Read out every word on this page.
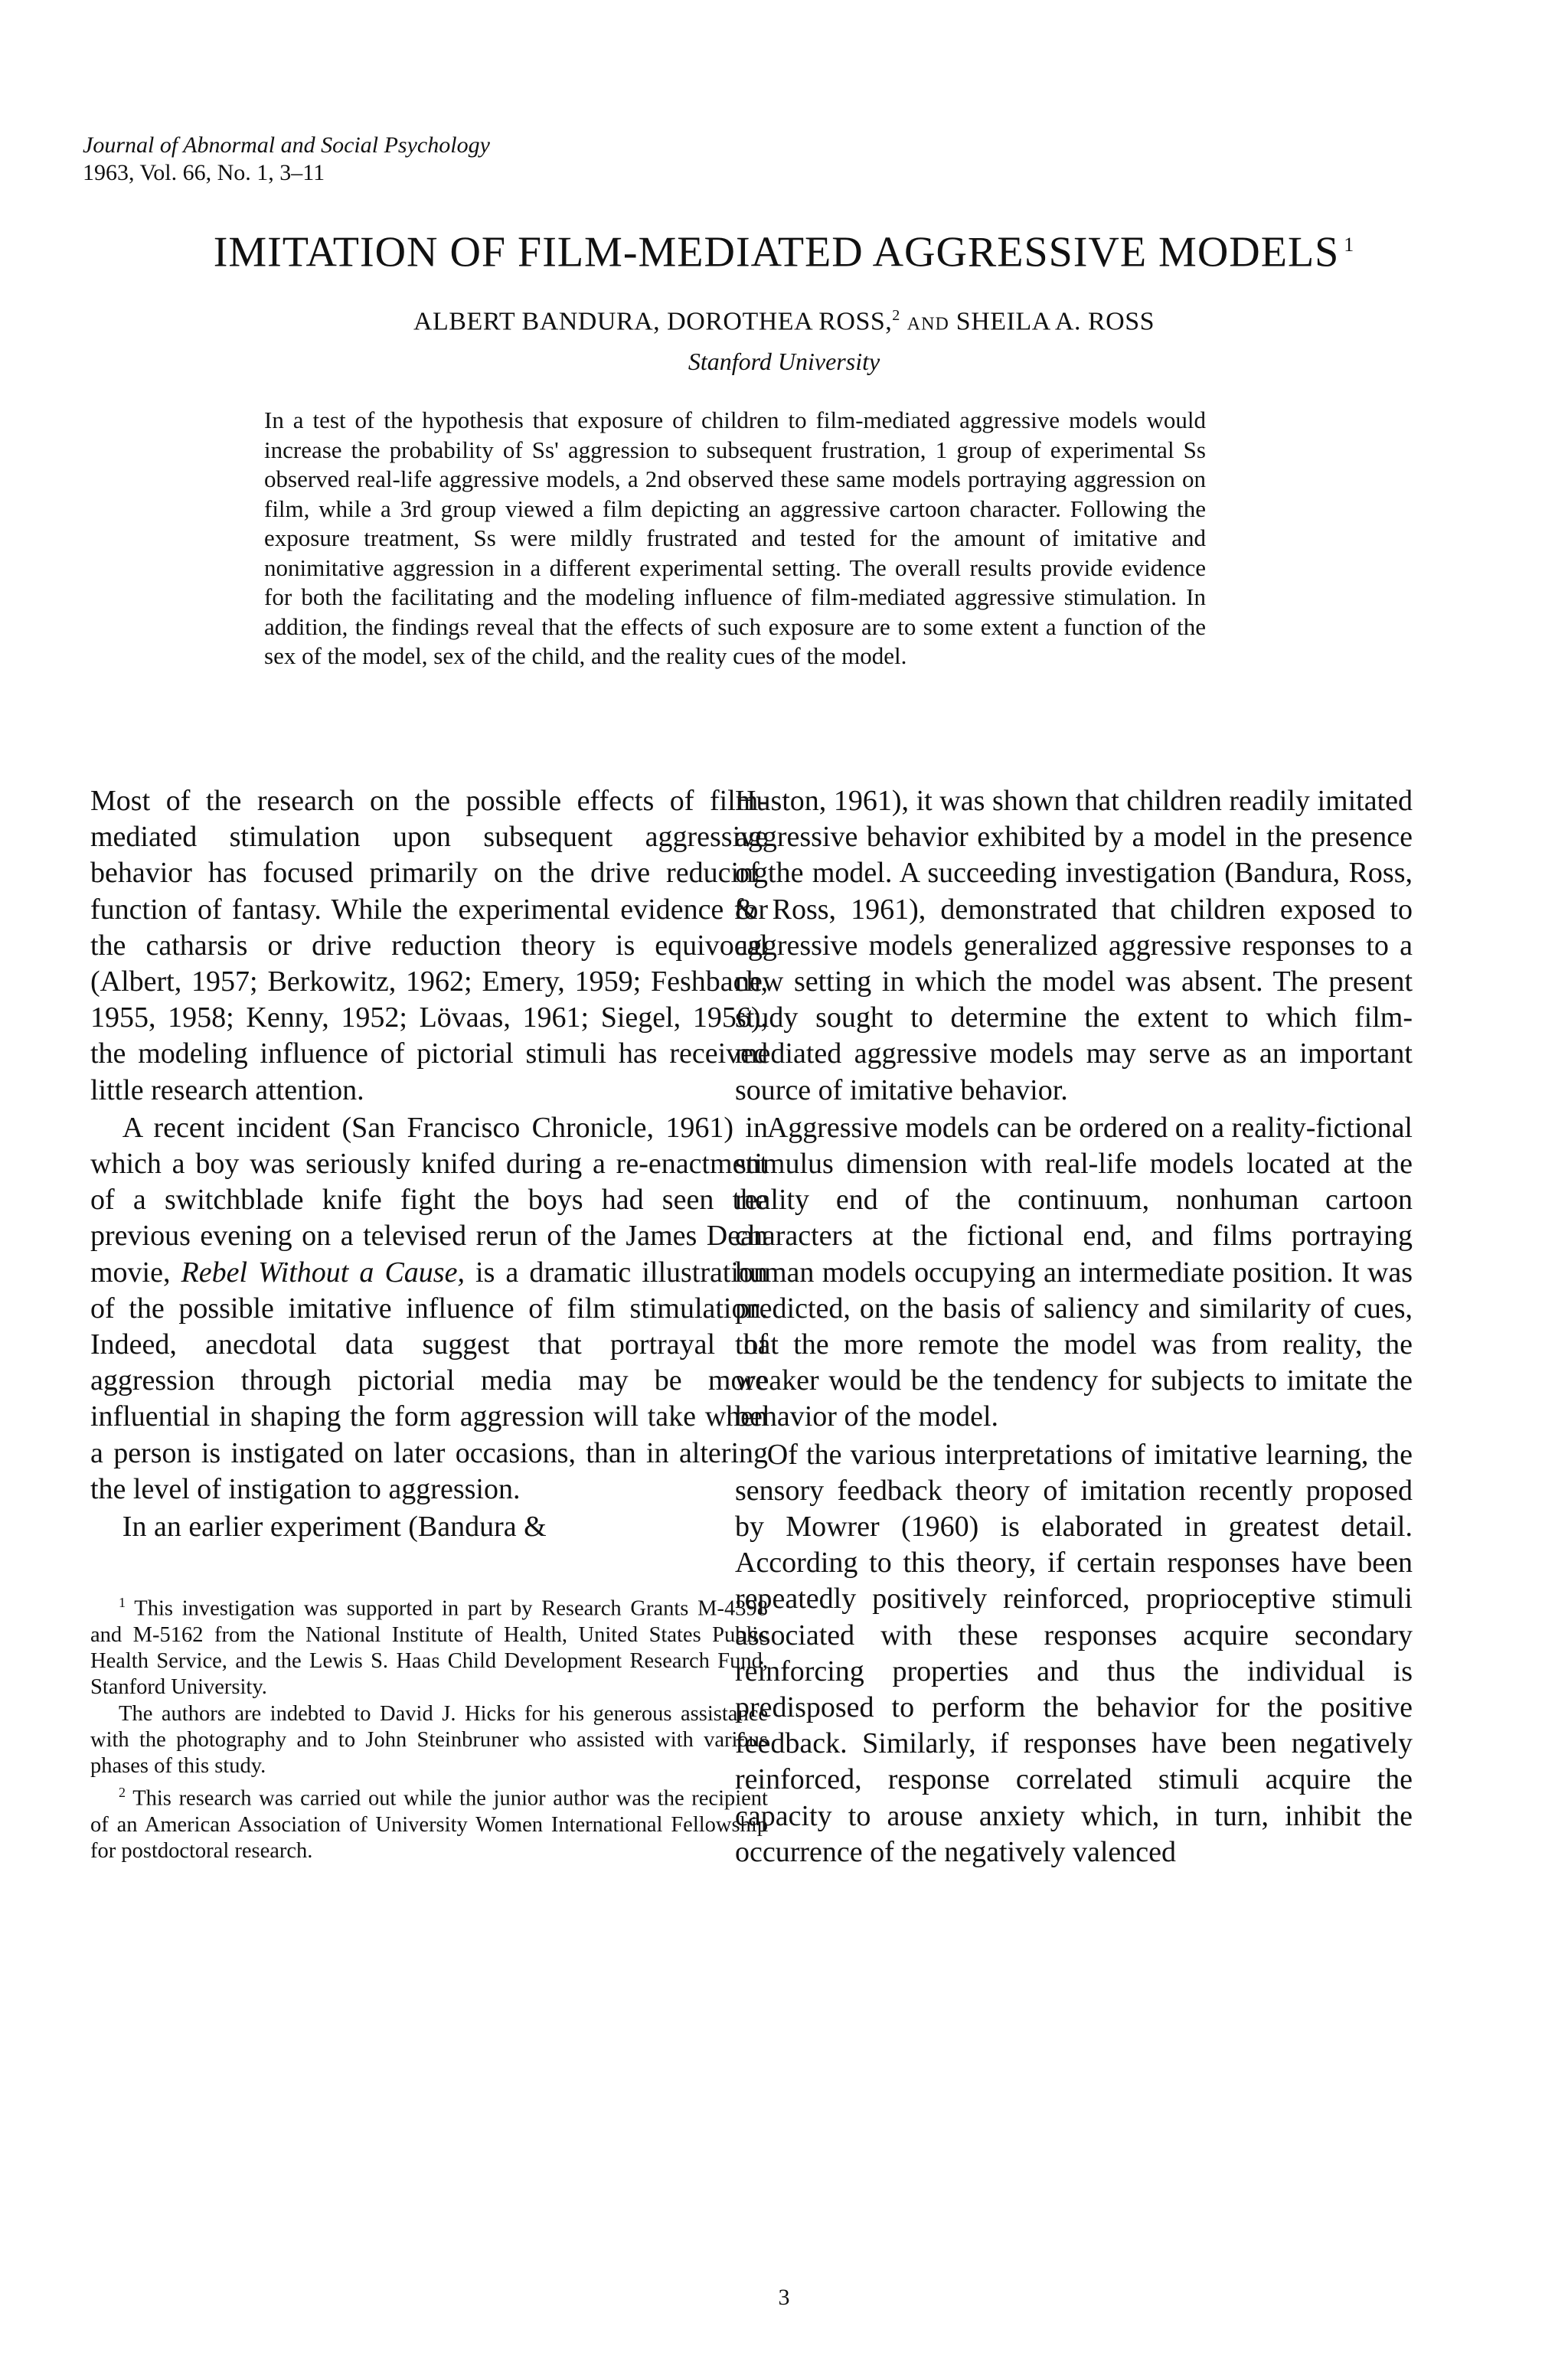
Journal of Abnormal and Social Psychology
1963, Vol. 66, No. 1, 3–11
IMITATION OF FILM-MEDIATED AGGRESSIVE MODELS $^1$
ALBERT BANDURA, DOROTHEA ROSS,$^2$ AND SHEILA A. ROSS
Stanford University

In a test of the hypothesis that exposure of children to film-mediated aggressive models would increase the probability of Ss' aggression to subsequent frustration, 1 group of experimental Ss observed real-life aggressive models, a 2nd observed these same models portraying aggression on film, while a 3rd group viewed a film depicting an aggressive cartoon character. Following the exposure treatment, Ss were mildly frustrated and tested for the amount of imitative and nonimitative aggression in a different experimental setting. The overall results provide evidence for both the facilitating and the modeling influence of film-mediated aggressive stimulation. In addition, the findings reveal that the effects of such exposure are to some extent a function of the sex of the model, sex of the child, and the reality cues of the model.

Most of the research on the possible effects of film-mediated stimulation upon subsequent aggressive behavior has focused primarily on the drive reducing function of fantasy. While the experimental evidence for the catharsis or drive reduction theory is equivocal (Albert, 1957; Berkowitz, 1962; Emery, 1959; Feshbach, 1955, 1958; Kenny, 1952; Lövaas, 1961; Siegel, 1956), the modeling influence of pictorial stimuli has received little research attention.

A recent incident (San Francisco Chronicle, 1961) in which a boy was seriously knifed during a re-enactment of a switchblade knife fight the boys had seen the previous evening on a televised rerun of the James Dean movie, Rebel Without a Cause, is a dramatic illustration of the possible imitative influence of film stimulation. Indeed, anecdotal data suggest that portrayal of aggression through pictorial media may be more influential in shaping the form aggression will take when a person is instigated on later occasions, than in altering the level of instigation to aggression.

In an earlier experiment (Bandura &

$^1$ This investigation was supported in part by Research Grants M-4398 and M-5162 from the National Institute of Health, United States Public Health Service, and the Lewis S. Haas Child Development Research Fund, Stanford University.

The authors are indebted to David J. Hicks for his generous assistance with the photography and to John Steinbruner who assisted with various phases of this study.

$^2$ This research was carried out while the junior author was the recipient of an American Association of University Women International Fellowship for postdoctoral research.

Huston, 1961), it was shown that children readily imitated aggressive behavior exhibited by a model in the presence of the model. A succeeding investigation (Bandura, Ross, & Ross, 1961), demonstrated that children exposed to aggressive models generalized aggressive responses to a new setting in which the model was absent. The present study sought to determine the extent to which film-mediated aggressive models may serve as an important source of imitative behavior.

Aggressive models can be ordered on a reality-fictional stimulus dimension with real-life models located at the reality end of the continuum, nonhuman cartoon characters at the fictional end, and films portraying human models occupying an intermediate position. It was predicted, on the basis of saliency and similarity of cues, that the more remote the model was from reality, the weaker would be the tendency for subjects to imitate the behavior of the model.

Of the various interpretations of imitative learning, the sensory feedback theory of imitation recently proposed by Mowrer (1960) is elaborated in greatest detail. According to this theory, if certain responses have been repeatedly positively reinforced, proprioceptive stimuli associated with these responses acquire secondary reinforcing properties and thus the individual is predisposed to perform the behavior for the positive feedback. Similarly, if responses have been negatively reinforced, response correlated stimuli acquire the capacity to arouse anxiety which, in turn, inhibit the occurrence of the negatively valenced

3
